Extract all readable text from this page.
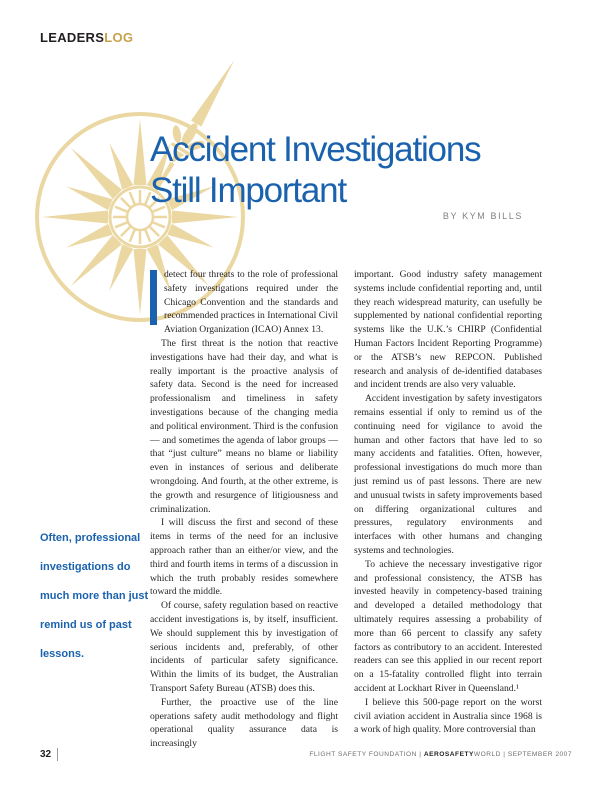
LEADERSLOG
Accident Investigations
Still Important
BY KYM BILLS

detect four threats to the role of professional safety investigations required under the Chicago Convention and the standards and recommended practices in International Civil Aviation Organization (ICAO) Annex 13.

The first threat is the notion that reactive investigations have had their day, and what is really important is the proactive analysis of safety data. Second is the need for increased professionalism and timeliness in safety investigations because of the changing media and political environment. Third is the confusion — and sometimes the agenda of labor groups — that “just culture” means no blame or liability even in instances of serious and deliberate wrongdoing. And fourth, at the other extreme, is the growth and resurgence of litigiousness and criminalization.

I will discuss the first and second of these items in terms of the need for an inclusive approach rather than an either/or view, and the third and fourth items in terms of a discussion in which the truth probably resides somewhere toward the middle.

Of course, safety regulation based on reactive accident investigations is, by itself, insufficient. We should supplement this by investigation of serious incidents and, preferably, of other incidents of particular safety significance. Within the limits of its budget, the Australian Transport Safety Bureau (ATSB) does this.

Further, the proactive use of the line operations safety audit methodology and flight operational quality assurance data is increasingly

important. Good industry safety management systems include confidential reporting and, until they reach widespread maturity, can usefully be supplemented by national confidential reporting systems like the U.K.’s CHIRP (Confidential Human Factors Incident Reporting Programme) or the ATSB’s new REPCON. Published research and analysis of de-identified databases and incident trends are also very valuable.

Accident investigation by safety investigators remains essential if only to remind us of the continuing need for vigilance to avoid the human and other factors that have led to so many accidents and fatalities. Often, however, professional investigations do much more than just remind us of past lessons. There are new and unusual twists in safety improvements based on differing organizational cultures and pressures, regulatory environments and interfaces with other humans and changing systems and technologies.

To achieve the necessary investigative rigor and professional consistency, the ATSB has invested heavily in competency-based training and developed a detailed methodology that ultimately requires assessing a probability of more than 66 percent to classify any safety factors as contributory to an accident. Interested readers can see this applied in our recent report on a 15-fatality controlled flight into terrain accident at Lockhart River in Queensland.¹

I believe this 500-page report on the worst civil aviation accident in Australia since 1968 is a work of high quality. More controversial than

Often, professional
investigations do
much more than just
remind us of past
lessons.
32	FLIGHT SAFETY FOUNDATION | AEROSAFETYWORLD | SEPTEMBER 2007
